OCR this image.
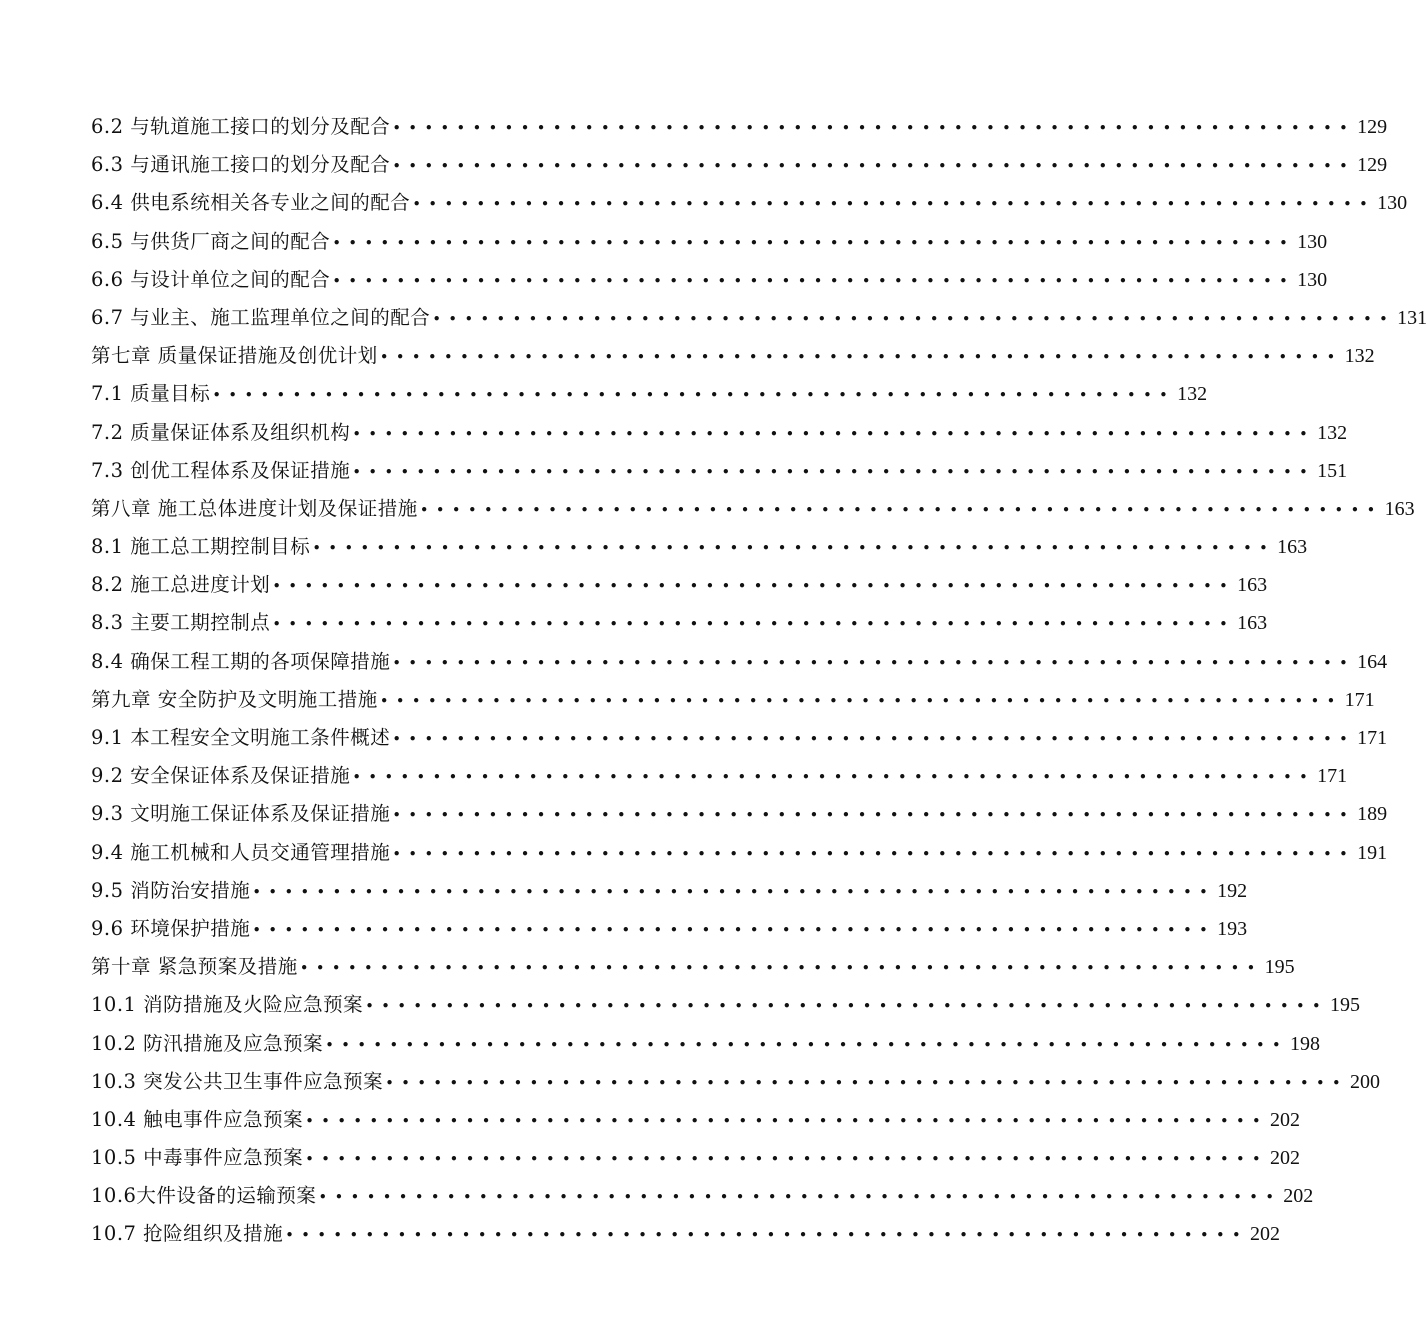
6.2 与轨道施工接口的划分及配合 •••••••••••••••••••••••••••••••••••••••••••••••••••••••••••• 129
6.3 与通讯施工接口的划分及配合 •••••••••••••••••••••••••••••••••••••••••••••••••••••••••••• 129
6.4 供电系统相关各专业之间的配合 •••••••••••••••••••••••••••••••••••••••••••••••••••••••••••• 130
6.5 与供货厂商之间的配合 •••••••••••••••••••••••••••••••••••••••••••••••••••••••••••• 130
6.6 与设计单位之间的配合 •••••••••••••••••••••••••••••••••••••••••••••••••••••••••••• 130
6.7 与业主、施工监理单位之间的配合 •••••••••••••••••••••••••••••••••••••••••••••••••••••••••••• 131
第七章 质量保证措施及创优计划 •••••••••••••••••••••••••••••••••••••••••••••••••••••••••••• 132
7.1 质量目标 •••••••••••••••••••••••••••••••••••••••••••••••••••••••••••• 132
7.2 质量保证体系及组织机构 •••••••••••••••••••••••••••••••••••••••••••••••••••••••••••• 132
7.3 创优工程体系及保证措施 •••••••••••••••••••••••••••••••••••••••••••••••••••••••••••• 151
第八章 施工总体进度计划及保证措施 •••••••••••••••••••••••••••••••••••••••••••••••••••••••••••• 163
8.1 施工总工期控制目标 •••••••••••••••••••••••••••••••••••••••••••••••••••••••••••• 163
8.2 施工总进度计划 •••••••••••••••••••••••••••••••••••••••••••••••••••••••••••• 163
8.3 主要工期控制点 •••••••••••••••••••••••••••••••••••••••••••••••••••••••••••• 163
8.4 确保工程工期的各项保障措施 •••••••••••••••••••••••••••••••••••••••••••••••••••••••••••• 164
第九章 安全防护及文明施工措施 •••••••••••••••••••••••••••••••••••••••••••••••••••••••••••• 171
9.1 本工程安全文明施工条件概述 •••••••••••••••••••••••••••••••••••••••••••••••••••••••••••• 171
9.2 安全保证体系及保证措施 •••••••••••••••••••••••••••••••••••••••••••••••••••••••••••• 171
9.3 文明施工保证体系及保证措施 •••••••••••••••••••••••••••••••••••••••••••••••••••••••••••• 189
9.4 施工机械和人员交通管理措施 •••••••••••••••••••••••••••••••••••••••••••••••••••••••••••• 191
9.5 消防治安措施 •••••••••••••••••••••••••••••••••••••••••••••••••••••••••••• 192
9.6 环境保护措施 •••••••••••••••••••••••••••••••••••••••••••••••••••••••••••• 193
第十章 紧急预案及措施 •••••••••••••••••••••••••••••••••••••••••••••••••••••••••••• 195
10.1 消防措施及火险应急预案 •••••••••••••••••••••••••••••••••••••••••••••••••••••••••••• 195
10.2 防汛措施及应急预案 •••••••••••••••••••••••••••••••••••••••••••••••••••••••••••• 198
10.3 突发公共卫生事件应急预案 •••••••••••••••••••••••••••••••••••••••••••••••••••••••••••• 200
10.4 触电事件应急预案 •••••••••••••••••••••••••••••••••••••••••••••••••••••••••••• 202
10.5 中毒事件应急预案 •••••••••••••••••••••••••••••••••••••••••••••••••••••••••••• 202
10.6大件设备的运输预案 •••••••••••••••••••••••••••••••••••••••••••••••••••••••••••• 202
10.7 抢险组织及措施 •••••••••••••••••••••••••••••••••••••••••••••••••••••••••••• 202
